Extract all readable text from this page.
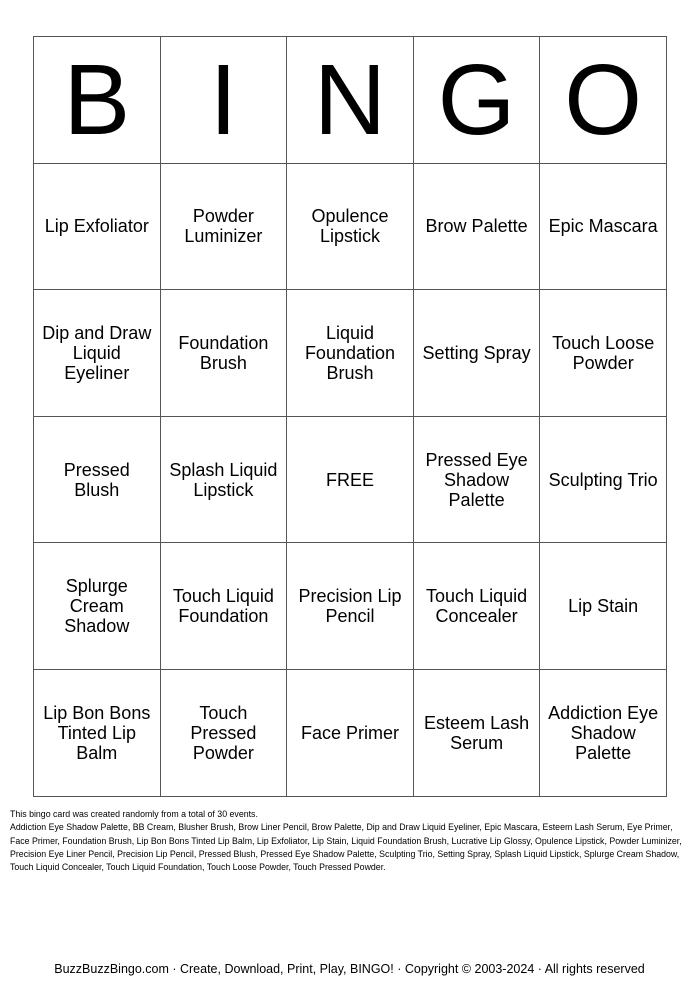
B	I	N	G	O
Lip Exfoliator	Powder Luminizer	Opulence Lipstick	Brow Palette	Epic Mascara
Dip and Draw Liquid Eyeliner	Foundation Brush	Liquid Foundation Brush	Setting Spray	Touch Loose Powder
Pressed Blush	Splash Liquid Lipstick	FREE	Pressed Eye Shadow Palette	Sculpting Trio
Splurge Cream Shadow	Touch Liquid Foundation	Precision Lip Pencil	Touch Liquid Concealer	Lip Stain
Lip Bon Bons Tinted Lip Balm	Touch Pressed Powder	Face Primer	Esteem Lash Serum	Addiction Eye Shadow Palette

This bingo card was created randomly from a total of 30 events.

Addiction Eye Shadow Palette, BB Cream, Blusher Brush, Brow Liner Pencil, Brow Palette, Dip and Draw Liquid Eyeliner, Epic Mascara, Esteem Lash Serum, Eye Primer, Face Primer, Foundation Brush, Lip Bon Bons Tinted Lip Balm, Lip Exfoliator, Lip Stain, Liquid Foundation Brush, Lucrative Lip Glossy, Opulence Lipstick, Powder Luminizer, Precision Eye Liner Pencil, Precision Lip Pencil, Pressed Blush, Pressed Eye Shadow Palette, Sculpting Trio, Setting Spray, Splash Liquid Lipstick, Splurge Cream Shadow, Touch Liquid Concealer, Touch Liquid Foundation, Touch Loose Powder, Touch Pressed Powder.

BuzzBuzzBingo.com · Create, Download, Print, Play, BINGO! · Copyright © 2003-2024 · All rights reserved
